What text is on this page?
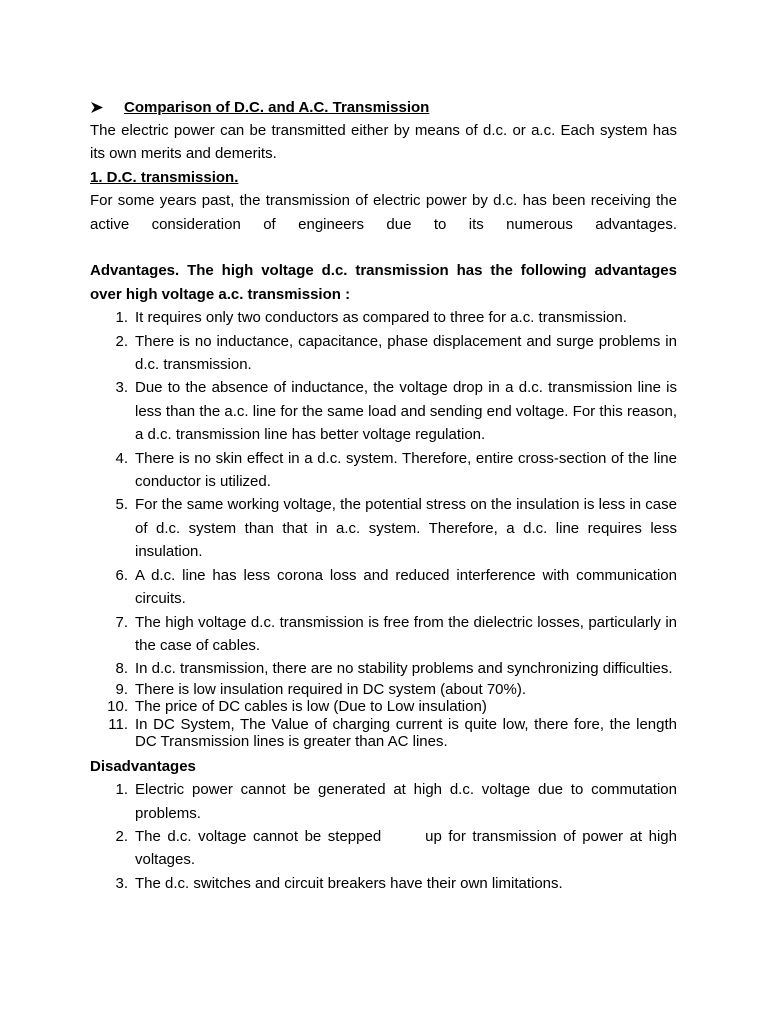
Comparison of D.C. and A.C. Transmission

The electric power can be transmitted either by means of d.c. or a.c. Each system has its own merits and demerits.

1. D.C. transmission.

For some years past, the transmission of electric power by d.c. has been receiving the active consideration of engineers due to its numerous advantages.

Advantages. The high voltage d.c. transmission has the following advantages over high voltage a.c. transmission :

1. It requires only two conductors as compared to three for a.c. transmission.
2. There is no inductance, capacitance, phase displacement and surge problems in d.c. transmission.
3. Due to the absence of inductance, the voltage drop in a d.c. transmission line is less than the a.c. line for the same load and sending end voltage. For this reason, a d.c. transmission line has better voltage regulation.
4. There is no skin effect in a d.c. system. Therefore, entire cross-section of the line conductor is utilized.
5. For the same working voltage, the potential stress on the insulation is less in case of d.c. system than that in a.c. system. Therefore, a d.c. line requires less insulation.
6. A d.c. line has less corona loss and reduced interference with communication circuits.
7. The high voltage d.c. transmission is free from the dielectric losses, particularly in the case of cables.
8. In d.c. transmission, there are no stability problems and synchronizing difficulties.
9. There is low insulation required in DC system (about 70%).
10. The price of DC cables is low (Due to Low insulation)
11. In DC System, The Value of charging current is quite low, there fore, the length DC Transmission lines is greater than AC lines.

Disadvantages

1. Electric power cannot be generated at high d.c. voltage due to commutation problems.
2. The d.c. voltage cannot be stepped	up for transmission of power at high voltages.
3. The d.c. switches and circuit breakers have their own limitations.
